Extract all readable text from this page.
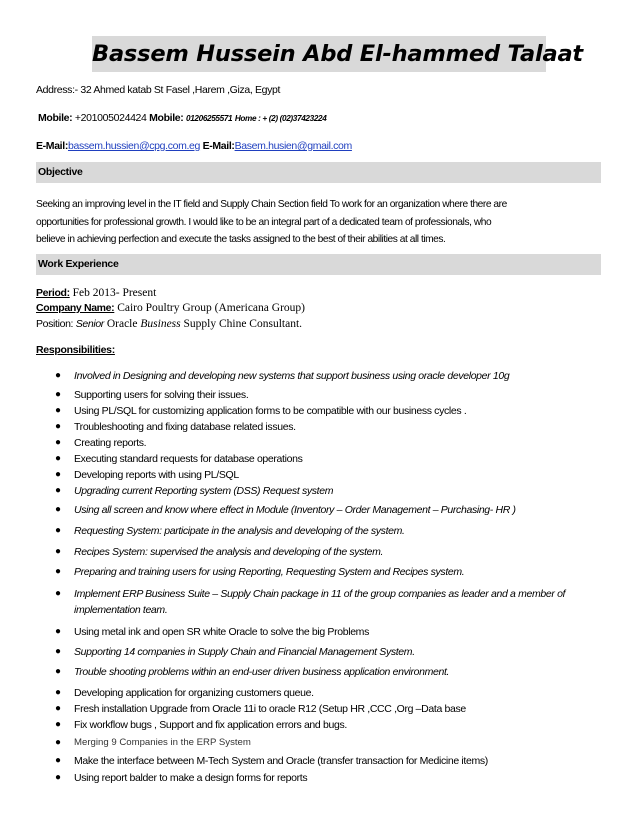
Bassem Hussein Abd El-hammed Talaat
Address:- 32 Ahmed katab St Fasel ,Harem ,Giza, Egypt
Mobile: +201005024424 Mobile: 01206255571 Home : + (2) (02)37423224
E-Mail:bassem.hussien@cpg.com.eg E-Mail:Basem.husien@gmail.com
Objective
Seeking an improving level in the IT field and Supply Chain Section field To work for an organization where there are
opportunities for professional growth. I would like to be an integral part of a dedicated team of professionals, who
believe in achieving perfection and execute the tasks assigned to the best of their abilities at all times.
Work Experience
Period: Feb 2013- Present
Company Name: Cairo Poultry Group (Americana Group)
Position: Senior Oracle Business Supply Chine Consultant.
Responsibilities:
●	Involved in Designing and developing new systems that support business using oracle developer 10g
●	Supporting users for solving their issues.
●	Using PL/SQL for customizing application forms to be compatible with our business cycles .
●	Troubleshooting and fixing database related issues.
●	Creating reports.
●	Executing standard requests for database operations
●	Developing reports with using PL/SQL
●	Upgrading current Reporting system (DSS) Request system
●	Using all screen and know where effect in Module (Inventory – Order Management – Purchasing- HR )
●	Requesting System: participate in the analysis and developing of the system.
●	Recipes System: supervised the analysis and developing of the system.
●	Preparing and training users for using Reporting, Requesting System and Recipes system.
●	Implement ERP Business Suite – Supply Chain package in 11 of the group companies as leader and a member of
implementation team.
●	Using metal ink and open SR white Oracle to solve the big Problems
●	Supporting 14 companies in Supply Chain and Financial Management System.
●	Trouble shooting problems within an end-user driven business application environment.
●	Developing application for organizing customers queue.
●	Fresh installation Upgrade from Oracle 11i to oracle R12 (Setup HR ,CCC ,Org –Data base
●	Fix workflow bugs , Support and fix application errors and bugs.
●	Merging 9 Companies in the ERP System
●	Make the interface between M-Tech System and Oracle (transfer transaction for Medicine items)
●	Using report balder to make a design forms for reports
